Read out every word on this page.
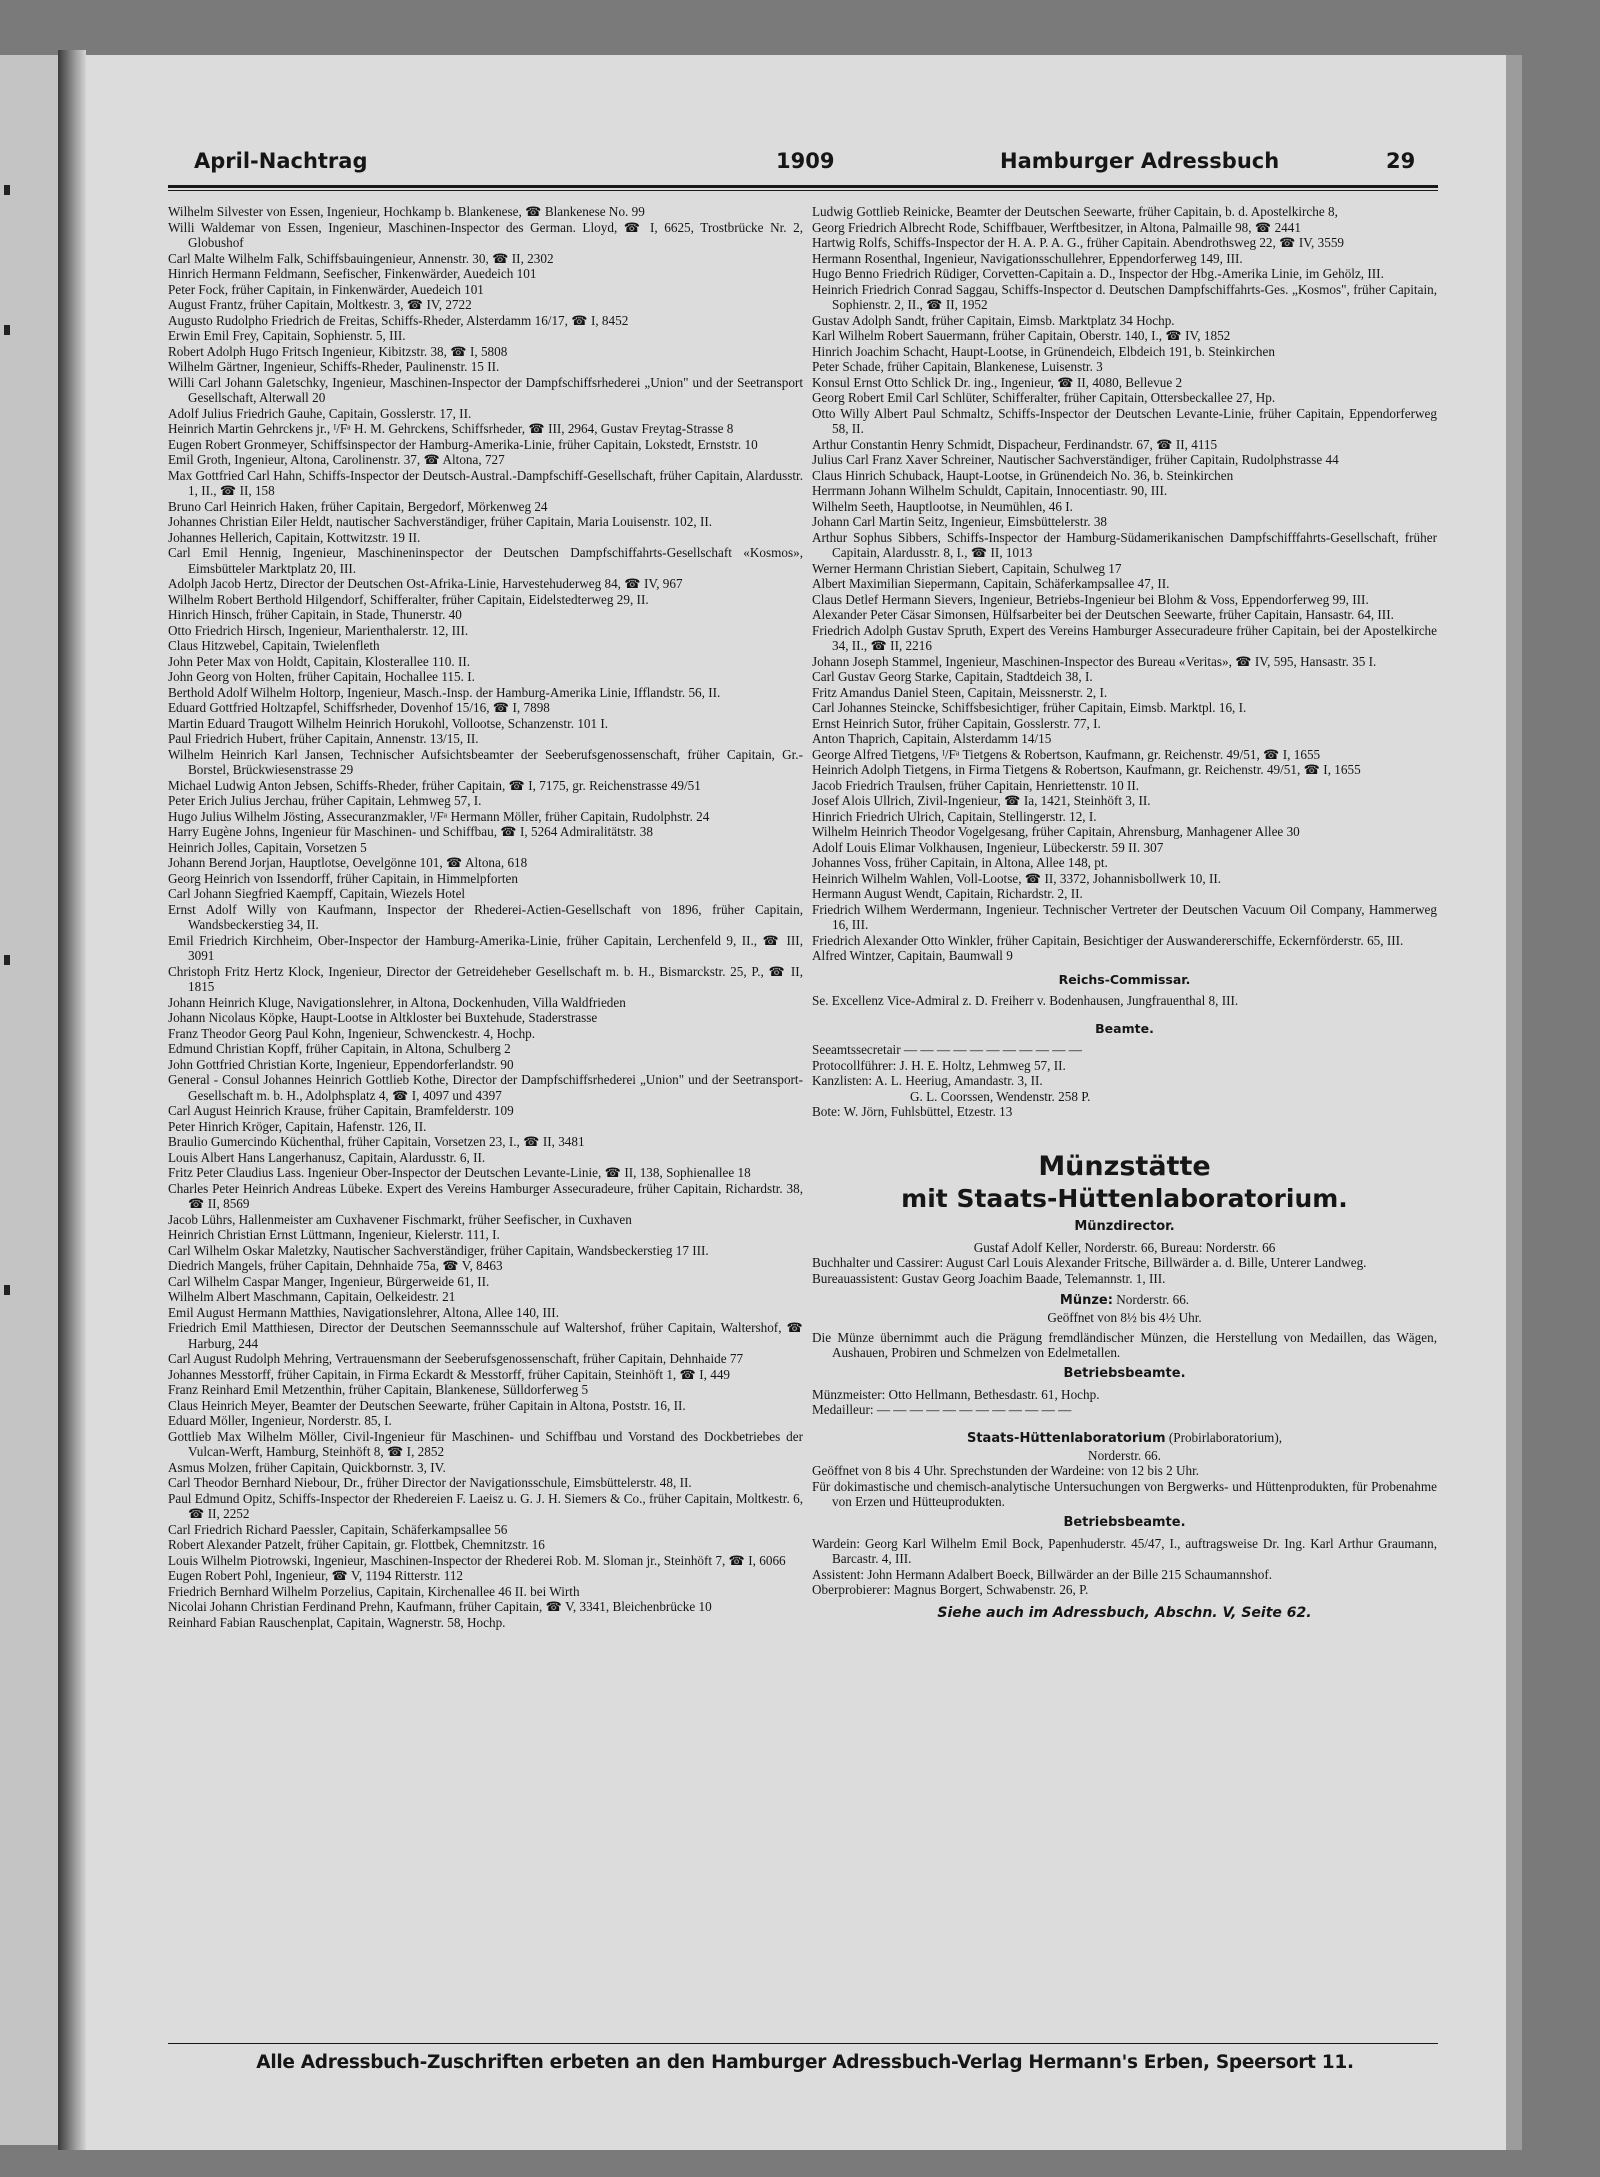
April-Nachtrag	1909	Hamburger Adressbuch	29
Wilhelm Silvester von Essen, Ingenieur, Hochkamp b. Blankenese, ☎ Blankenese No. 99
Willi Waldemar von Essen, Ingenieur, Maschinen-Inspector des German. Lloyd, ☎ I, 6625, Trostbrücke Nr. 2, Globushof
Carl Malte Wilhelm Falk, Schiffsbauingenieur, Annenstr. 30, ☎ II, 2302
Hinrich Hermann Feldmann, Seefischer, Finkenwärder, Auedeich 101
Peter Fock, früher Capitain, in Finkenwärder, Auedeich 101
August Frantz, früher Capitain, Moltkestr. 3, ☎ IV, 2722
Augusto Rudolpho Friedrich de Freitas, Schiffs-Rheder, Alsterdamm 16/17, ☎ I, 8452
Erwin Emil Frey, Capitain, Sophienstr. 5, III.
Robert Adolph Hugo Fritsch Ingenieur, Kibitzstr. 38, ☎ I, 5808
Wilhelm Gärtner, Ingenieur, Schiffs-Rheder, Paulinenstr. 15 II.
Willi Carl Johann Galetschky, Ingenieur, Maschinen-Inspector der Dampfschiffsrhederei „Union" und der Seetransport Gesellschaft, Alterwall 20
Adolf Julius Friedrich Gauhe, Capitain, Gosslerstr. 17, II.
Heinrich Martin Gehrckens jr., ᴵ/Fᵃ H. M. Gehrckens, Schiffsrheder, ☎ III, 2964, Gustav Freytag-Strasse 8
Eugen Robert Gronmeyer, Schiffsinspector der Hamburg-Amerika-Linie, früher Capitain, Lokstedt, Ernststr. 10
Emil Groth, Ingenieur, Altona, Carolinenstr. 37, ☎ Altona, 727
Max Gottfried Carl Hahn, Schiffs-Inspector der Deutsch-Austral.-Dampfschiff-Gesellschaft, früher Capitain, Alardusstr. 1, II., ☎ II, 158
Bruno Carl Heinrich Haken, früher Capitain, Bergedorf, Mörkenweg 24
Johannes Christian Eiler Heldt, nautischer Sachverständiger, früher Capitain, Maria Louisenstr. 102, II.
Johannes Hellerich, Capitain, Kottwitzstr. 19 II.
Carl Emil Hennig, Ingenieur, Maschineninspector der Deutschen Dampfschiffahrts-Gesellschaft «Kosmos», Eimsbütteler Marktplatz 20, III.
Adolph Jacob Hertz, Director der Deutschen Ost-Afrika-Linie, Harvestehuderweg 84, ☎ IV, 967
Wilhelm Robert Berthold Hilgendorf, Schifferalter, früher Capitain, Eidelstedterweg 29, II.
Hinrich Hinsch, früher Capitain, in Stade, Thunerstr. 40
Otto Friedrich Hirsch, Ingenieur, Marienthalerstr. 12, III.
Claus Hitzwebel, Capitain, Twielenfleth
John Peter Max von Holdt, Capitain, Klosterallee 110. II.
John Georg von Holten, früher Capitain, Hochallee 115. I.
Berthold Adolf Wilhelm Holtorp, Ingenieur, Masch.-Insp. der Hamburg-Amerika Linie, Ifflandstr. 56, II.
Eduard Gottfried Holtzapfel, Schiffsrheder, Dovenhof 15/16, ☎ I, 7898
Martin Eduard Traugott Wilhelm Heinrich Horukohl, Vollootse, Schanzenstr. 101 I.
Paul Friedrich Hubert, früher Capitain, Annenstr. 13/15, II.
Wilhelm Heinrich Karl Jansen, Technischer Aufsichtsbeamter der Seeberufsgenossenschaft, früher Capitain, Gr.-Borstel, Brückwiesenstrasse 29
Michael Ludwig Anton Jebsen, Schiffs-Rheder, früher Capitain, ☎ I, 7175, gr. Reichenstrasse 49/51
Peter Erich Julius Jerchau, früher Capitain, Lehmweg 57, I.
Hugo Julius Wilhelm Jösting, Assecuranzmakler, ᴵ/Fᵃ Hermann Möller, früher Capitain, Rudolphstr. 24
Harry Eugène Johns, Ingenieur für Maschinen- und Schiffbau, ☎ I, 5264 Admiralitätstr. 38
Heinrich Jolles, Capitain, Vorsetzen 5
Johann Berend Jorjan, Hauptlotse, Oevelgönne 101, ☎ Altona, 618
Georg Heinrich von Issendorff, früher Capitain, in Himmelpforten
Carl Johann Siegfried Kaempff, Capitain, Wiezels Hotel
Ernst Adolf Willy von Kaufmann, Inspector der Rhederei-Actien-Gesellschaft von 1896, früher Capitain, Wandsbeckerstieg 34, II.
Emil Friedrich Kirchheim, Ober-Inspector der Hamburg-Amerika-Linie, früher Capitain, Lerchenfeld 9, II., ☎ III, 3091
Christoph Fritz Hertz Klock, Ingenieur, Director der Getreideheber Gesellschaft m. b. H., Bismarckstr. 25, P., ☎ II, 1815
Johann Heinrich Kluge, Navigationslehrer, in Altona, Dockenhuden, Villa Waldfrieden
Johann Nicolaus Köpke, Haupt-Lootse in Altkloster bei Buxtehude, Staderstrasse
Franz Theodor Georg Paul Kohn, Ingenieur, Schwenckestr. 4, Hochp.
Edmund Christian Kopff, früher Capitain, in Altona, Schulberg 2
John Gottfried Christian Korte, Ingenieur, Eppendorferlandstr. 90
General - Consul Johannes Heinrich Gottlieb Kothe, Director der Dampfschiffsrhederei „Union" und der Seetransport-Gesellschaft m. b. H., Adolphsplatz 4, ☎ I, 4097 und 4397
Carl August Heinrich Krause, früher Capitain, Bramfelderstr. 109
Peter Hinrich Kröger, Capitain, Hafenstr. 126, II.
Braulio Gumercindo Küchenthal, früher Capitain, Vorsetzen 23, I., ☎ II, 3481
Louis Albert Hans Langerhanusz, Capitain, Alardusstr. 6, II.
Fritz Peter Claudius Lass. Ingenieur Ober-Inspector der Deutschen Levante-Linie, ☎ II, 138, Sophienallee 18
Charles Peter Heinrich Andreas Lübeke. Expert des Vereins Hamburger Assecuradeure, früher Capitain, Richardstr. 38, ☎ II, 8569
Jacob Lührs, Hallenmeister am Cuxhavener Fischmarkt, früher Seefischer, in Cuxhaven
Heinrich Christian Ernst Lüttmann, Ingenieur, Kielerstr. 111, I.
Carl Wilhelm Oskar Maletzky, Nautischer Sachverständiger, früher Capitain, Wandsbeckerstieg 17 III.
Diedrich Mangels, früher Capitain, Dehnhaide 75a, ☎ V, 8463
Carl Wilhelm Caspar Manger, Ingenieur, Bürgerweide 61, II.
Wilhelm Albert Maschmann, Capitain, Oelkeidestr. 21
Emil August Hermann Matthies, Navigationslehrer, Altona, Allee 140, III.
Friedrich Emil Matthiesen, Director der Deutschen Seemannsschule auf Waltershof, früher Capitain, Waltershof, ☎ Harburg, 244
Carl August Rudolph Mehring, Vertrauensmann der Seeberufsgenossenschaft, früher Capitain, Dehnhaide 77
Johannes Messtorff, früher Capitain, in Firma Eckardt & Messtorff, früher Capitain, Steinhöft 1, ☎ I, 449
Franz Reinhard Emil Metzenthin, früher Capitain, Blankenese, Sülldorferweg 5
Claus Heinrich Meyer, Beamter der Deutschen Seewarte, früher Capitain in Altona, Poststr. 16, II.
Eduard Möller, Ingenieur, Norderstr. 85, I.
Gottlieb Max Wilhelm Möller, Civil-Ingenieur für Maschinen- und Schiffbau und Vorstand des Dockbetriebes der Vulcan-Werft, Hamburg, Steinhöft 8, ☎ I, 2852
Asmus Molzen, früher Capitain, Quickbornstr. 3, IV.
Carl Theodor Bernhard Niebour, Dr., früher Director der Navigationsschule, Eimsbüttelerstr. 48, II.
Paul Edmund Opitz, Schiffs-Inspector der Rhedereien F. Laeisz u. G. J. H. Siemers & Co., früher Capitain, Moltkestr. 6, ☎ II, 2252
Carl Friedrich Richard Paessler, Capitain, Schäferkampsallee 56
Robert Alexander Patzelt, früher Capitain, gr. Flottbek, Chemnitzstr. 16
Louis Wilhelm Piotrowski, Ingenieur, Maschinen-Inspector der Rhederei Rob. M. Sloman jr., Steinhöft 7, ☎ I, 6066
Eugen Robert Pohl, Ingenieur, ☎ V, 1194 Ritterstr. 112
Friedrich Bernhard Wilhelm Porzelius, Capitain, Kirchenallee 46 II. bei Wirth
Nicolai Johann Christian Ferdinand Prehn, Kaufmann, früher Capitain, ☎ V, 3341, Bleichenbrücke 10
Reinhard Fabian Rauschenplat, Capitain, Wagnerstr. 58, Hochp.
Ludwig Gottlieb Reinicke, Beamter der Deutschen Seewarte, früher Capitain, b. d. Apostelkirche 8,
Georg Friedrich Albrecht Rode, Schiffbauer, Werftbesitzer, in Altona, Palmaille 98, ☎ 2441
Hartwig Rolfs, Schiffs-Inspector der H. A. P. A. G., früher Capitain. Abendrothsweg 22, ☎ IV, 3559
Hermann Rosenthal, Ingenieur, Navigationsschullehrer, Eppendorferweg 149, III.
Hugo Benno Friedrich Rüdiger, Corvetten-Capitain a. D., Inspector der Hbg.-Amerika Linie, im Gehölz, III.
Heinrich Friedrich Conrad Saggau, Schiffs-Inspector d. Deutschen Dampfschiffahrts-Ges. „Kosmos", früher Capitain, Sophienstr. 2, II., ☎ II, 1952
Gustav Adolph Sandt, früher Capitain, Eimsb. Marktplatz 34 Hochp.
Karl Wilhelm Robert Sauermann, früher Capitain, Oberstr. 140, I., ☎ IV, 1852
Hinrich Joachim Schacht, Haupt-Lootse, in Grünendeich, Elbdeich 191, b. Steinkirchen
Peter Schade, früher Capitain, Blankenese, Luisenstr. 3
Konsul Ernst Otto Schlick Dr. ing., Ingenieur, ☎ II, 4080, Bellevue 2
Georg Robert Emil Carl Schlüter, Schifferalter, früher Capitain, Ottersbeckallee 27, Hp.
Otto Willy Albert Paul Schmaltz, Schiffs-Inspector der Deutschen Levante-Linie, früher Capitain, Eppendorferweg 58, II.
Arthur Constantin Henry Schmidt, Dispacheur, Ferdinandstr. 67, ☎ II, 4115
Julius Carl Franz Xaver Schreiner, Nautischer Sachverständiger, früher Capitain, Rudolphstrasse 44
Claus Hinrich Schuback, Haupt-Lootse, in Grünendeich No. 36, b. Steinkirchen
Herrmann Johann Wilhelm Schuldt, Capitain, Innocentiastr. 90, III.
Wilhelm Seeth, Hauptlootse, in Neumühlen, 46 I.
Johann Carl Martin Seitz, Ingenieur, Eimsbüttelerstr. 38
Arthur Sophus Sibbers, Schiffs-Inspector der Hamburg-Südamerikanischen Dampfschifffahrts-Gesellschaft, früher Capitain, Alardusstr. 8, I., ☎ II, 1013
Werner Hermann Christian Siebert, Capitain, Schulweg 17
Albert Maximilian Siepermann, Capitain, Schäferkampsallee 47, II.
Claus Detlef Hermann Sievers, Ingenieur, Betriebs-Ingenieur bei Blohm & Voss, Eppendorferweg 99, III.
Alexander Peter Cäsar Simonsen, Hülfsarbeiter bei der Deutschen Seewarte, früher Capitain, Hansastr. 64, III.
Friedrich Adolph Gustav Spruth, Expert des Vereins Hamburger Assecuradeure früher Capitain, bei der Apostelkirche 34, II., ☎ II, 2216
Johann Joseph Stammel, Ingenieur, Maschinen-Inspector des Bureau «Veritas», ☎ IV, 595, Hansastr. 35 I.
Carl Gustav Georg Starke, Capitain, Stadtdeich 38, I.
Fritz Amandus Daniel Steen, Capitain, Meissnerstr. 2, I.
Carl Johannes Steincke, Schiffsbesichtiger, früher Capitain, Eimsb. Marktpl. 16, I.
Ernst Heinrich Sutor, früher Capitain, Gosslerstr. 77, I.
Anton Thaprich, Capitain, Alsterdamm 14/15
George Alfred Tietgens, ᴵ/Fᵃ Tietgens & Robertson, Kaufmann, gr. Reichenstr. 49/51, ☎ I, 1655
Heinrich Adolph Tietgens, in Firma Tietgens & Robertson, Kaufmann, gr. Reichenstr. 49/51, ☎ I, 1655
Jacob Friedrich Traulsen, früher Capitain, Henriettenstr. 10 II.
Josef Alois Ullrich, Zivil-Ingenieur, ☎ Ia, 1421, Steinhöft 3, II.
Hinrich Friedrich Ulrich, Capitain, Stellingerstr. 12, I.
Wilhelm Heinrich Theodor Vogelgesang, früher Capitain, Ahrensburg, Manhagener Allee 30
Adolf Louis Elimar Volkhausen, Ingenieur, Lübeckerstr. 59 II. 307
Johannes Voss, früher Capitain, in Altona, Allee 148, pt.
Heinrich Wilhelm Wahlen, Voll-Lootse, ☎ II, 3372, Johannisbollwerk 10, II.
Hermann August Wendt, Capitain, Richardstr. 2, II.
Friedrich Wilhem Werdermann, Ingenieur. Technischer Vertreter der Deutschen Vacuum Oil Company, Hammerweg 16, III.
Friedrich Alexander Otto Winkler, früher Capitain, Besichtiger der Auswandererschiffe, Eckernförderstr. 65, III.
Alfred Wintzer, Capitain, Baumwall 9
Reichs-Commissar.
Se. Excellenz Vice-Admiral z. D. Freiherr v. Bodenhausen, Jungfrauenthal 8, III.
Beamte.
Seeamtssecretair — — — — — — — — — — —
Protocollführer: J. H. E. Holtz, Lehmweg 57, II.
Kanzlisten: A. L. Heeriug, Amandastr. 3, II.
G. L. Coorssen, Wendenstr. 258 P.
Bote: W. Jörn, Fuhlsbüttel, Etzestr. 13
Münzstätte
mit Staats-Hüttenlaboratorium.
Münzdirector.
Gustaf Adolf Keller, Norderstr. 66, Bureau: Norderstr. 66
Buchhalter und Cassirer: August Carl Louis Alexander Fritsche, Billwärder a. d. Bille, Unterer Landweg.
Bureauassistent: Gustav Georg Joachim Baade, Telemannstr. 1, III.
Münze: Norderstr. 66.
Geöffnet von 8½ bis 4½ Uhr.
Die Münze übernimmt auch die Prägung fremdländischer Münzen, die Herstellung von Medaillen, das Wägen, Aushauen, Probiren und Schmelzen von Edelmetallen.
Betriebsbeamte.
Münzmeister: Otto Hellmann, Bethesdastr. 61, Hochp.
Medailleur: — — — — — — — — — — — —
Staats-Hüttenlaboratorium (Probirlaboratorium),
Norderstr. 66.
Geöffnet von 8 bis 4 Uhr. Sprechstunden der Wardeine: von 12 bis 2 Uhr.
Für dokimastische und chemisch-analytische Untersuchungen von Bergwerks- und Hüttenprodukten, für Probenahme von Erzen und Hütteuprodukten.
Betriebsbeamte.
Wardein: Georg Karl Wilhelm Emil Bock, Papenhuderstr. 45/47, I., auftragsweise Dr. Ing. Karl Arthur Graumann, Barcastr. 4, III.
Assistent: John Hermann Adalbert Boeck, Billwärder an der Bille 215 Schaumannshof.
Oberprobierer: Magnus Borgert, Schwabenstr. 26, P.
Siehe auch im Adressbuch, Abschn. V, Seite 62.
Alle Adressbuch-Zuschriften erbeten an den Hamburger Adressbuch-Verlag Hermann's Erben, Speersort 11.
